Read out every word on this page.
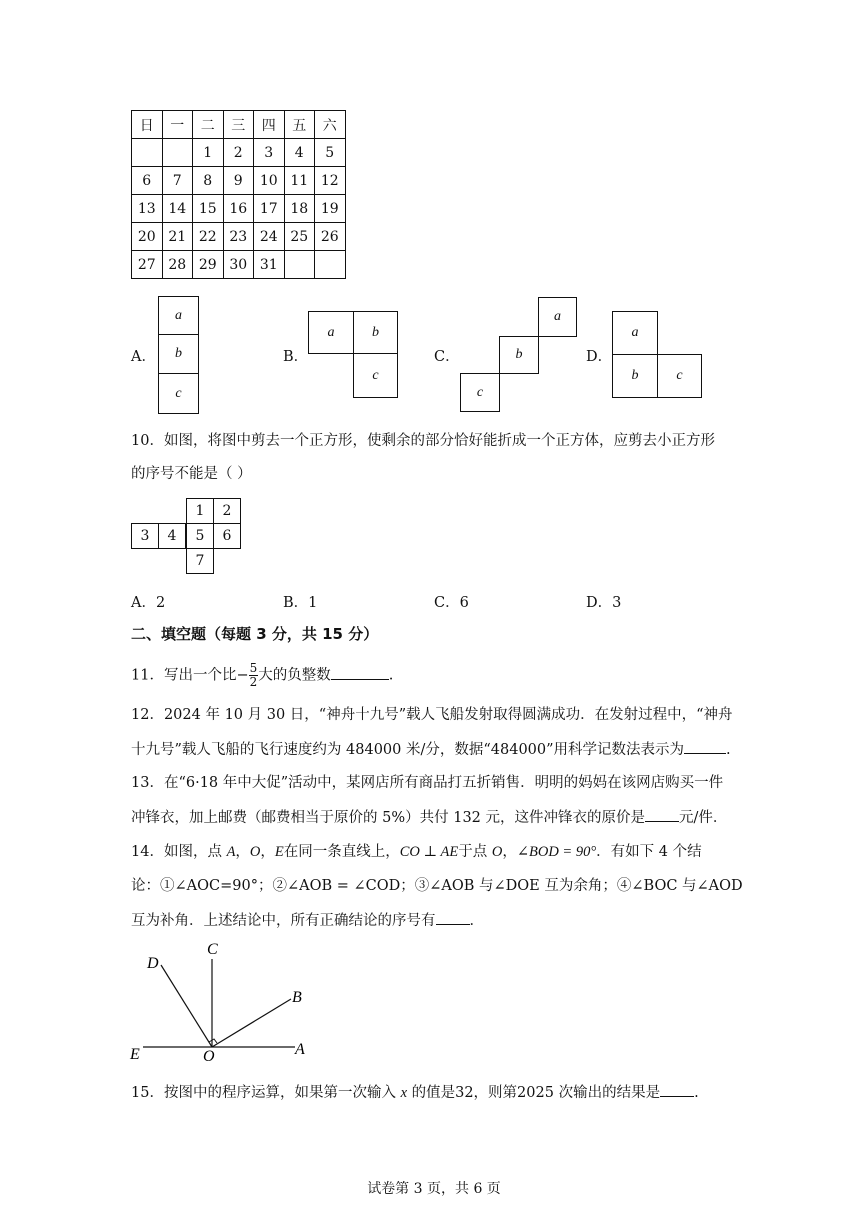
日	一	二	三	四	五	六
		1	2	3	4	5
6	7	8	9	10	11	12
13	14	15	16	17	18	19
20	21	22	23	24	25	26
27	28	29	30	31		
A．
a
b
c
B．
a	b
c
C．
a
b
c
D．
a
b	c
10．如图，将图中剪去一个正方形，使剩余的部分恰好能折成一个正方体，应剪去小正方形
的序号不能是（ ）
1	2
3	4	5	6
7
A．2	B．1	C．6	D．3
二、填空题（每题 3 分，共 15 分）
11．写出一个比− $\frac{5}{2}$ 大的负整数	.
12．2024 年 10 月 30 日，“神舟十九号”载人飞船发射取得圆满成功．在发射过程中，“神舟
十九号”载人飞船的飞行速度约为 484000 米/分，数据“484000”用科学记数法表示为	.
13．在“6·18 年中大促”活动中，某网店所有商品打五折销售．明明的妈妈在该网店购买一件
冲锋衣，加上邮费（邮费相当于原价的 5%）共付 132 元，这件冲锋衣的原价是 元/件．
14．如图，点 A，O，E在同一条直线上，CO ⊥ AE于点 O，∠BOD = 90°．有如下 4 个结
论：①∠AOC=90°；②∠AOB = ∠COD；③∠AOB 与∠DOE 互为余角；④∠BOC 与∠AOD
互为补角．上述结论中，所有正确结论的序号有 ．
D
C
B
E	O	A
15．按图中的程序运算，如果第一次输入 x 的值是32，则第2025 次输出的结果是 .
试卷第 3 页，共 6 页
